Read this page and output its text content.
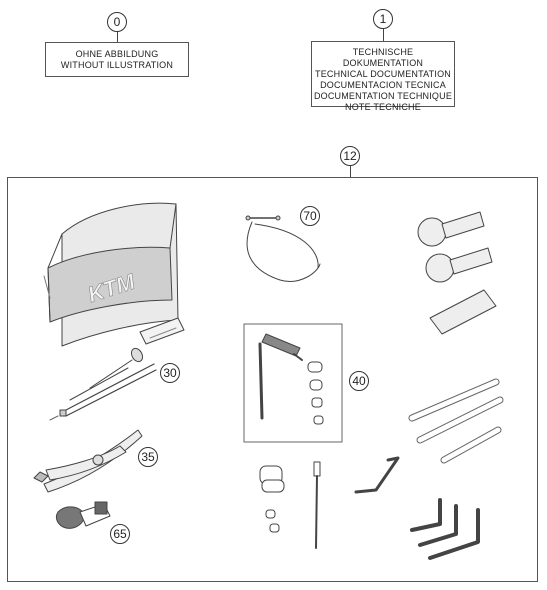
0
OHNE ABBILDUNG
WITHOUT ILLUSTRATION
1
TECHNISCHE DOKUMENTATION
TECHNICAL DOCUMENTATION
DOCUMENTACION TECNICA
DOCUMENTATION TECHNIQUE
NOTE TECNICHE
12
KTM
70
30
40
35
65
